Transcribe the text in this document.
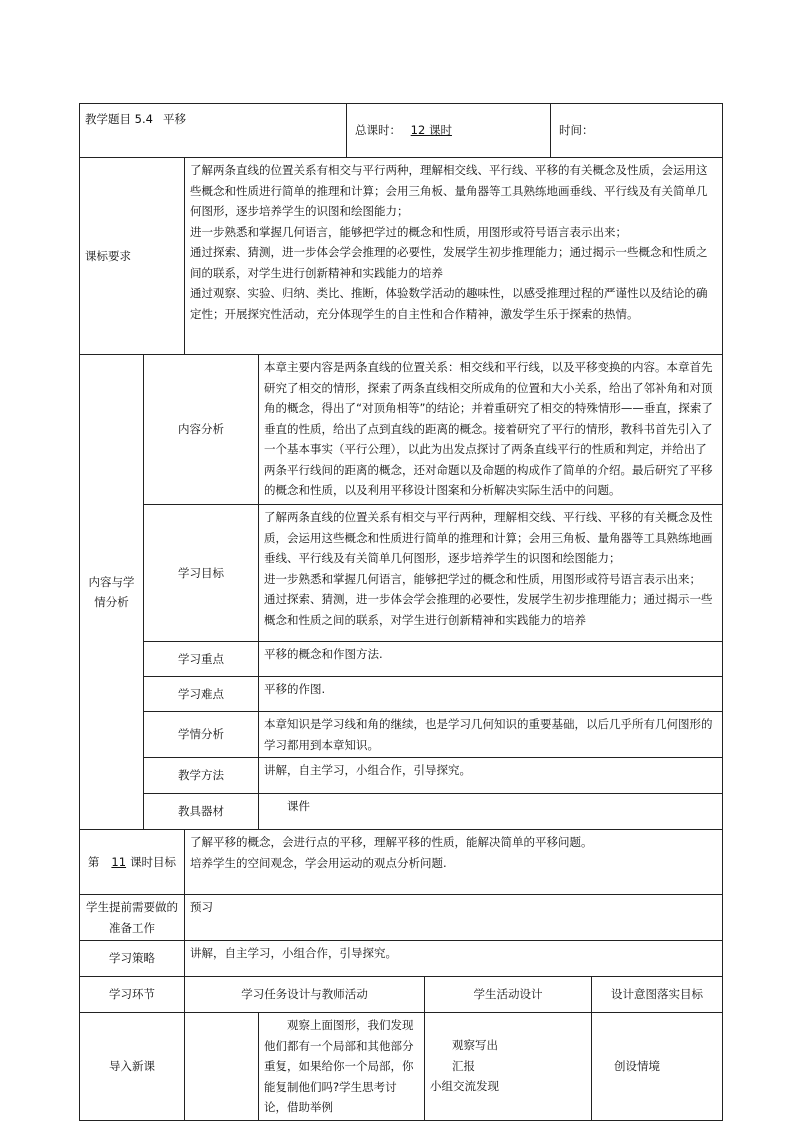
教学题目 5.4 平移				总课时： 12 课时		时间：	
课标要求		了解两条直线的位置关系有相交与平行两种，理解相交线、平行线、平移的有关概念及性质，会运用这些概念和性质进行简单的推理和计算；会用三角板、量角器等工具熟练地画垂线、平行线及有关简单几何图形，逐步培养学生的识图和绘图能力；
进一步熟悉和掌握几何语言，能够把学过的概念和性质，用图形或符号语言表示出来；
通过探索、猜测，进一步体会学会推理的必要性，发展学生初步推理能力；通过揭示一些概念和性质之间的联系，对学生进行创新精神和实践能力的培养
通过观察、实验、归纳、类比、推断，体验数学活动的趣味性，以感受推理过程的严谨性以及结论的确定性；开展探究性活动，充分体现学生的自主性和合作精神，激发学生乐于探索的热情。					

内容与学情分析	内容分析		本章主要内容是两条直线的位置关系：相交线和平行线，以及平移变换的内容。本章首先研究了相交的情形，探索了两条直线相交所成角的位置和大小关系，给出了邻补角和对顶角的概念，得出了“对顶角相等”的结论；并着重研究了相交的特殊情形——垂直，探索了垂直的性质，给出了点到直线的距离的概念。接着研究了平行的情形，教科书首先引入了一个基本事实（平行公理），以此为出发点探讨了两条直线平行的性质和判定，并给出了两条平行线间的距离的概念，还对命题以及命题的构成作了简单的介绍。最后研究了平移的概念和性质，以及利用平移设计图案和分析解决实际生活中的问题。				
	学习目标		了解两条直线的位置关系有相交与平行两种，理解相交线、平行线、平移的有关概念及性质，会运用这些概念和性质进行简单的推理和计算；会用三角板、量角器等工具熟练地画垂线、平行线及有关简单几何图形，逐步培养学生的识图和绘图能力；
进一步熟悉和掌握几何语言，能够把学过的概念和性质，用图形或符号语言表示出来；
通过探索、猜测，进一步体会学会推理的必要性，发展学生初步推理能力；通过揭示一些概念和性质之间的联系，对学生进行创新精神和实践能力的培养				

	学习重点		平移的概念和作图方法.				
	学习难点		平移的作图.				
	学情分析		本章知识是学习线和角的继续，也是学习几何知识的重要基础，以后几乎所有几何图形的学习都用到本章知识。				
	教学方法		讲解，自主学习，小组合作，引导探究。				
	教具器材		课件				
第 11 课时目标		了解平移的概念，会进行点的平移，理解平移的性质，能解决简单的平移问题。
培养学生的空间观念，学会用运动的观点分析问题.					

学生提前需要做的准备工作		预习					
学习策略		讲解，自主学习，小组合作，引导探究。					
学习环节		学习任务设计与教师活动			学生活动设计		设计意图落实目标
导入新课			观察上面图形，我们发现他们都有一个局部和其他部分重复，如果给你一个局部，你能复制他们吗?学生思考讨论，借助举例		观察写出
汇报
小组交流发现		创设情境
